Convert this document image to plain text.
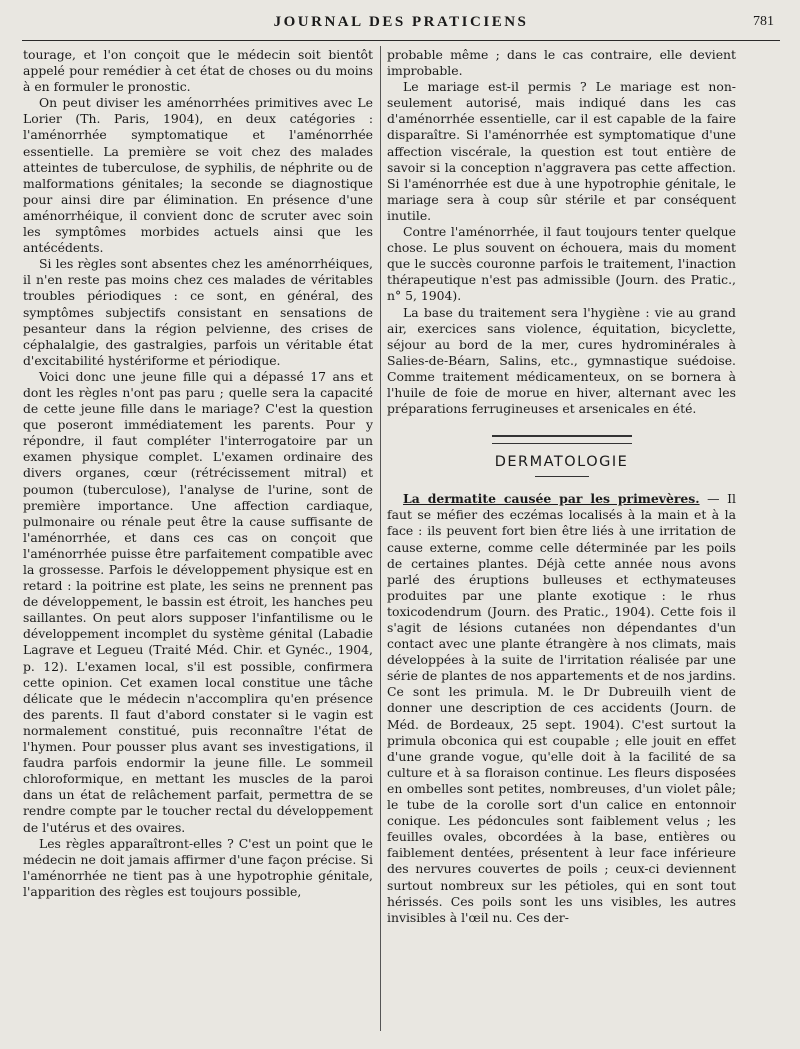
JOURNAL DES PRATICIENS	781

tourage, et l'on conçoit que le médecin soit bientôt appelé pour remédier à cet état de choses ou du moins à en formuler le pronostic.

On peut diviser les aménorrhées primitives avec Le Lorier (Th. Paris, 1904), en deux catégories : l'aménorrhée symptomatique et l'aménorrhée essentielle. La première se voit chez des malades atteintes de tuberculose, de syphilis, de néphrite ou de malformations génitales; la seconde se diagnostique pour ainsi dire par élimination. En présence d'une aménorrhéique, il convient donc de scruter avec soin les symptômes morbides actuels ainsi que les antécédents.

Si les règles sont absentes chez les aménorrhéiques, il n'en reste pas moins chez ces malades de véritables troubles périodiques : ce sont, en général, des symptômes subjectifs consistant en sensations de pesanteur dans la région pelvienne, des crises de céphalalgie, des gastralgies, parfois un véritable état d'excitabilité hystériforme et périodique.

Voici donc une jeune fille qui a dépassé 17 ans et dont les règles n'ont pas paru ; quelle sera la capacité de cette jeune fille dans le mariage? C'est la question que poseront immédiatement les parents. Pour y répondre, il faut compléter l'interrogatoire par un examen physique complet. L'examen ordinaire des divers organes, cœur (rétrécissement mitral) et poumon (tuberculose), l'analyse de l'urine, sont de première importance. Une affection cardiaque, pulmonaire ou rénale peut être la cause suffisante de l'aménorrhée, et dans ces cas on conçoit que l'aménorrhée puisse être parfaitement compatible avec la grossesse. Parfois le développement physique est en retard : la poitrine est plate, les seins ne prennent pas de développement, le bassin est étroit, les hanches peu saillantes. On peut alors supposer l'infantilisme ou le développement incomplet du système génital (Labadie Lagrave et Legueu (Traité Méd. Chir. et Gynéc., 1904, p. 12). L'examen local, s'il est possible, confirmera cette opinion. Cet examen local constitue une tâche délicate que le médecin n'accomplira qu'en présence des parents. Il faut d'abord constater si le vagin est normalement constitué, puis reconnaître l'état de l'hymen. Pour pousser plus avant ses investigations, il faudra parfois endormir la jeune fille. Le sommeil chloroformique, en mettant les muscles de la paroi dans un état de relâchement parfait, permettra de se rendre compte par le toucher rectal du développement de l'utérus et des ovaires.

Les règles apparaîtront-elles ? C'est un point que le médecin ne doit jamais affirmer d'une façon précise. Si l'aménorrhée ne tient pas à une hypotrophie génitale, l'apparition des règles est toujours possible,

probable même ; dans le cas contraire, elle devient improbable.

Le mariage est-il permis ? Le mariage est non-seulement autorisé, mais indiqué dans les cas d'aménorrhée essentielle, car il est capable de la faire disparaître. Si l'aménorrhée est symptomatique d'une affection viscérale, la question est tout entière de savoir si la conception n'aggravera pas cette affection. Si l'aménorrhée est due à une hypotrophie génitale, le mariage sera à coup sûr stérile et par conséquent inutile.

Contre l'aménorrhée, il faut toujours tenter quelque chose. Le plus souvent on échouera, mais du moment que le succès couronne parfois le traitement, l'inaction thérapeutique n'est pas admissible (Journ. des Pratic., n° 5, 1904).

La base du traitement sera l'hygiène : vie au grand air, exercices sans violence, équitation, bicyclette, séjour au bord de la mer, cures hydrominérales à Salies-de-Béarn, Salins, etc., gymnastique suédoise. Comme traitement médicamenteux, on se bornera à l'huile de foie de morue en hiver, alternant avec les préparations ferrugineuses et arsenicales en été.

DERMATOLOGIE

La dermatite causée par les primevères. — Il faut se méfier des eczémas localisés à la main et à la face : ils peuvent fort bien être liés à une irritation de cause externe, comme celle déterminée par les poils de certaines plantes. Déjà cette année nous avons parlé des éruptions bulleuses et ecthymateuses produites par une plante exotique : le rhus toxicodendrum (Journ. des Pratic., 1904). Cette fois il s'agit de lésions cutanées non dépendantes d'un contact avec une plante étrangère à nos climats, mais développées à la suite de l'irritation réalisée par une série de plantes de nos appartements et de nos jardins. Ce sont les primula. M. le Dr Dubreuilh vient de donner une description de ces accidents (Journ. de Méd. de Bordeaux, 25 sept. 1904). C'est surtout la primula obconica qui est coupable ; elle jouit en effet d'une grande vogue, qu'elle doit à la facilité de sa culture et à sa floraison continue. Les fleurs disposées en ombelles sont petites, nombreuses, d'un violet pâle; le tube de la corolle sort d'un calice en entonnoir conique. Les pédoncules sont faiblement velus ; les feuilles ovales, obcordées à la base, entières ou faiblement dentées, présentent à leur face inférieure des nervures couvertes de poils ; ceux-ci deviennent surtout nombreux sur les pétioles, qui en sont tout hérissés. Ces poils sont les uns visibles, les autres invisibles à l'œil nu. Ces der-
